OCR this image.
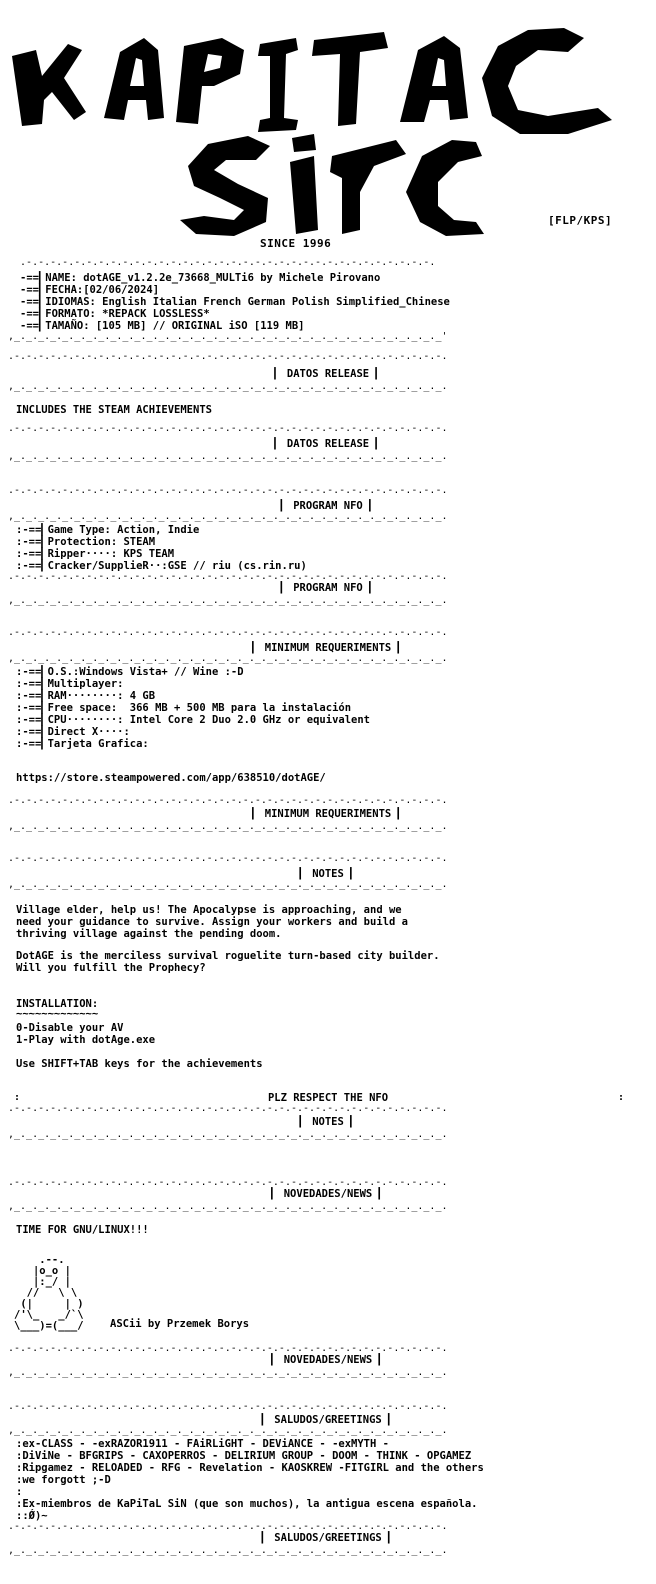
[FLP/KPS]
SINCE 1996
.-.-.-.-.-.-.-.-.-.-.-.-.-.-.-.-.-.-.-.-.-.-.-.-.-.-.-.-.-.-.-.-.-.-.
-==▎NAME: dotAGE_v1.2.2e_73668_MULTi6 by Michele Pirovano
-==▎FECHA:[02/06/2024]
-==▎IDIOMAS: English Italian French German Polish Simplified_Chinese
-==▎FORMATO: *REPACK LOSSLESS*
-==▎TAMAÑO: [105 MB] // ORIGINAL iSO [119 MB]
,_._._._._._._._._._._._._._._._._._._._._._._._._._._._._._._._._._._._'
.-.-.-.-.-.-.-.-.-.-.-.-.-.-.-.-.-.-.-.-.-.-.-.-.-.-.-.-.-.-.-.-.-.-.-.-.
▎ DATOS RELEASE ▎
,_._._._._._._._._._._._._._._._._._._._._._._._._._._._._._._._._._._._.
INCLUDES THE STEAM ACHIEVEMENTS
.-.-.-.-.-.-.-.-.-.-.-.-.-.-.-.-.-.-.-.-.-.-.-.-.-.-.-.-.-.-.-.-.-.-.-.-.
▎ DATOS RELEASE ▎
,_._._._._._._._._._._._._._._._._._._._._._._._._._._._._._._._._._._._.
.-.-.-.-.-.-.-.-.-.-.-.-.-.-.-.-.-.-.-.-.-.-.-.-.-.-.-.-.-.-.-.-.-.-.-.-.
▎ PROGRAM NFO ▎
,_._._._._._._._._._._._._._._._._._._._._._._._._._._._._._._._._._._._.
:-==▎Game Type: Action, Indie
:-==▎Protection: STEAM
:-==▎Ripper····: KPS TEAM
:-==▎Cracker/SupplieR··:GSE // riu (cs.rin.ru)
.-.-.-.-.-.-.-.-.-.-.-.-.-.-.-.-.-.-.-.-.-.-.-.-.-.-.-.-.-.-.-.-.-.-.-.-.
▎ PROGRAM NFO ▎
,_._._._._._._._._._._._._._._._._._._._._._._._._._._._._._._._._._._._.
.-.-.-.-.-.-.-.-.-.-.-.-.-.-.-.-.-.-.-.-.-.-.-.-.-.-.-.-.-.-.-.-.-.-.-.-.
▎ MINIMUM REQUERIMENTS ▎
,_._._._._._._._._._._._._._._._._._._._._._._._._._._._._._._._._._._._.
:-==▎O.S.:Windows Vista+ // Wine :-D
:-==▎Multiplayer:
:-==▎RAM········: 4 GB
:-==▎Free space:  366 MB + 500 MB para la instalación
:-==▎CPU········: Intel Core 2 Duo 2.0 GHz or equivalent
:-==▎Direct X····:
:-==▎Tarjeta Grafica:
https://store.steampowered.com/app/638510/dotAGE/
.-.-.-.-.-.-.-.-.-.-.-.-.-.-.-.-.-.-.-.-.-.-.-.-.-.-.-.-.-.-.-.-.-.-.-.-.
▎ MINIMUM REQUERIMENTS ▎
,_._._._._._._._._._._._._._._._._._._._._._._._._._._._._._._._._._._._.
.-.-.-.-.-.-.-.-.-.-.-.-.-.-.-.-.-.-.-.-.-.-.-.-.-.-.-.-.-.-.-.-.-.-.-.-.
▎ NOTES ▎
,_._._._._._._._._._._._._._._._._._._._._._._._._._._._._._._._._._._._.
Village elder, help us! The Apocalypse is approaching, and we
need your guidance to survive. Assign your workers and build a
thriving village against the pending doom.
DotAGE is the merciless survival roguelite turn-based city builder.
Will you fulfill the Prophecy?
INSTALLATION:
~~~~~~~~~~~~~
0-Disable your AV
1-Play with dotAge.exe
Use SHIFT+TAB keys for the achievements
:	PLZ RESPECT THE NFO	:
.-.-.-.-.-.-.-.-.-.-.-.-.-.-.-.-.-.-.-.-.-.-.-.-.-.-.-.-.-.-.-.-.-.-.-.-.
▎ NOTES ▎
,_._._._._._._._._._._._._._._._._._._._._._._._._._._._._._._._._._._._.
.-.-.-.-.-.-.-.-.-.-.-.-.-.-.-.-.-.-.-.-.-.-.-.-.-.-.-.-.-.-.-.-.-.-.-.-.
▎ NOVEDADES/NEWS ▎
,_._._._._._._._._._._._._._._._._._._._._._._._._._._._._._._._._._._._.
TIME FOR GNU/LINUX!!!
.--.
|o_o |
|:_/ |
//   \ \
(|     | )
/'\_   _/`\
\___)=(___/	ASCii by Przemek Borys
.-.-.-.-.-.-.-.-.-.-.-.-.-.-.-.-.-.-.-.-.-.-.-.-.-.-.-.-.-.-.-.-.-.-.-.-.
▎ NOVEDADES/NEWS ▎
,_._._._._._._._._._._._._._._._._._._._._._._._._._._._._._._._._._._._.
.-.-.-.-.-.-.-.-.-.-.-.-.-.-.-.-.-.-.-.-.-.-.-.-.-.-.-.-.-.-.-.-.-.-.-.-.
▎ SALUDOS/GREETINGS ▎
,_._._._._._._._._._._._._._._._._._._._._._._._._._._._._._._._._._._._.
:ex-CLASS - -exRAZOR1911 - FAiRLiGHT - DEViANCE - -exMYTH -
:DiViNe - BFGRIPS - CAXOPERROS - DELIRIUM GROUP - DOOM - THINK - OPGAMEZ
:Ripgamez - RELOADED - RFG - Revelation - KAOSKREW -FITGIRL and the others
:we forgott ;-D
:
:Ex-miembros de KaPiTaL SiN (que son muchos), la antigua escena española.
::Ǿ)~
.-.-.-.-.-.-.-.-.-.-.-.-.-.-.-.-.-.-.-.-.-.-.-.-.-.-.-.-.-.-.-.-.-.-.-.-.
▎ SALUDOS/GREETINGS ▎
,_._._._._._._._._._._._._._._._._._._._._._._._._._._._._._._._._._._._.
